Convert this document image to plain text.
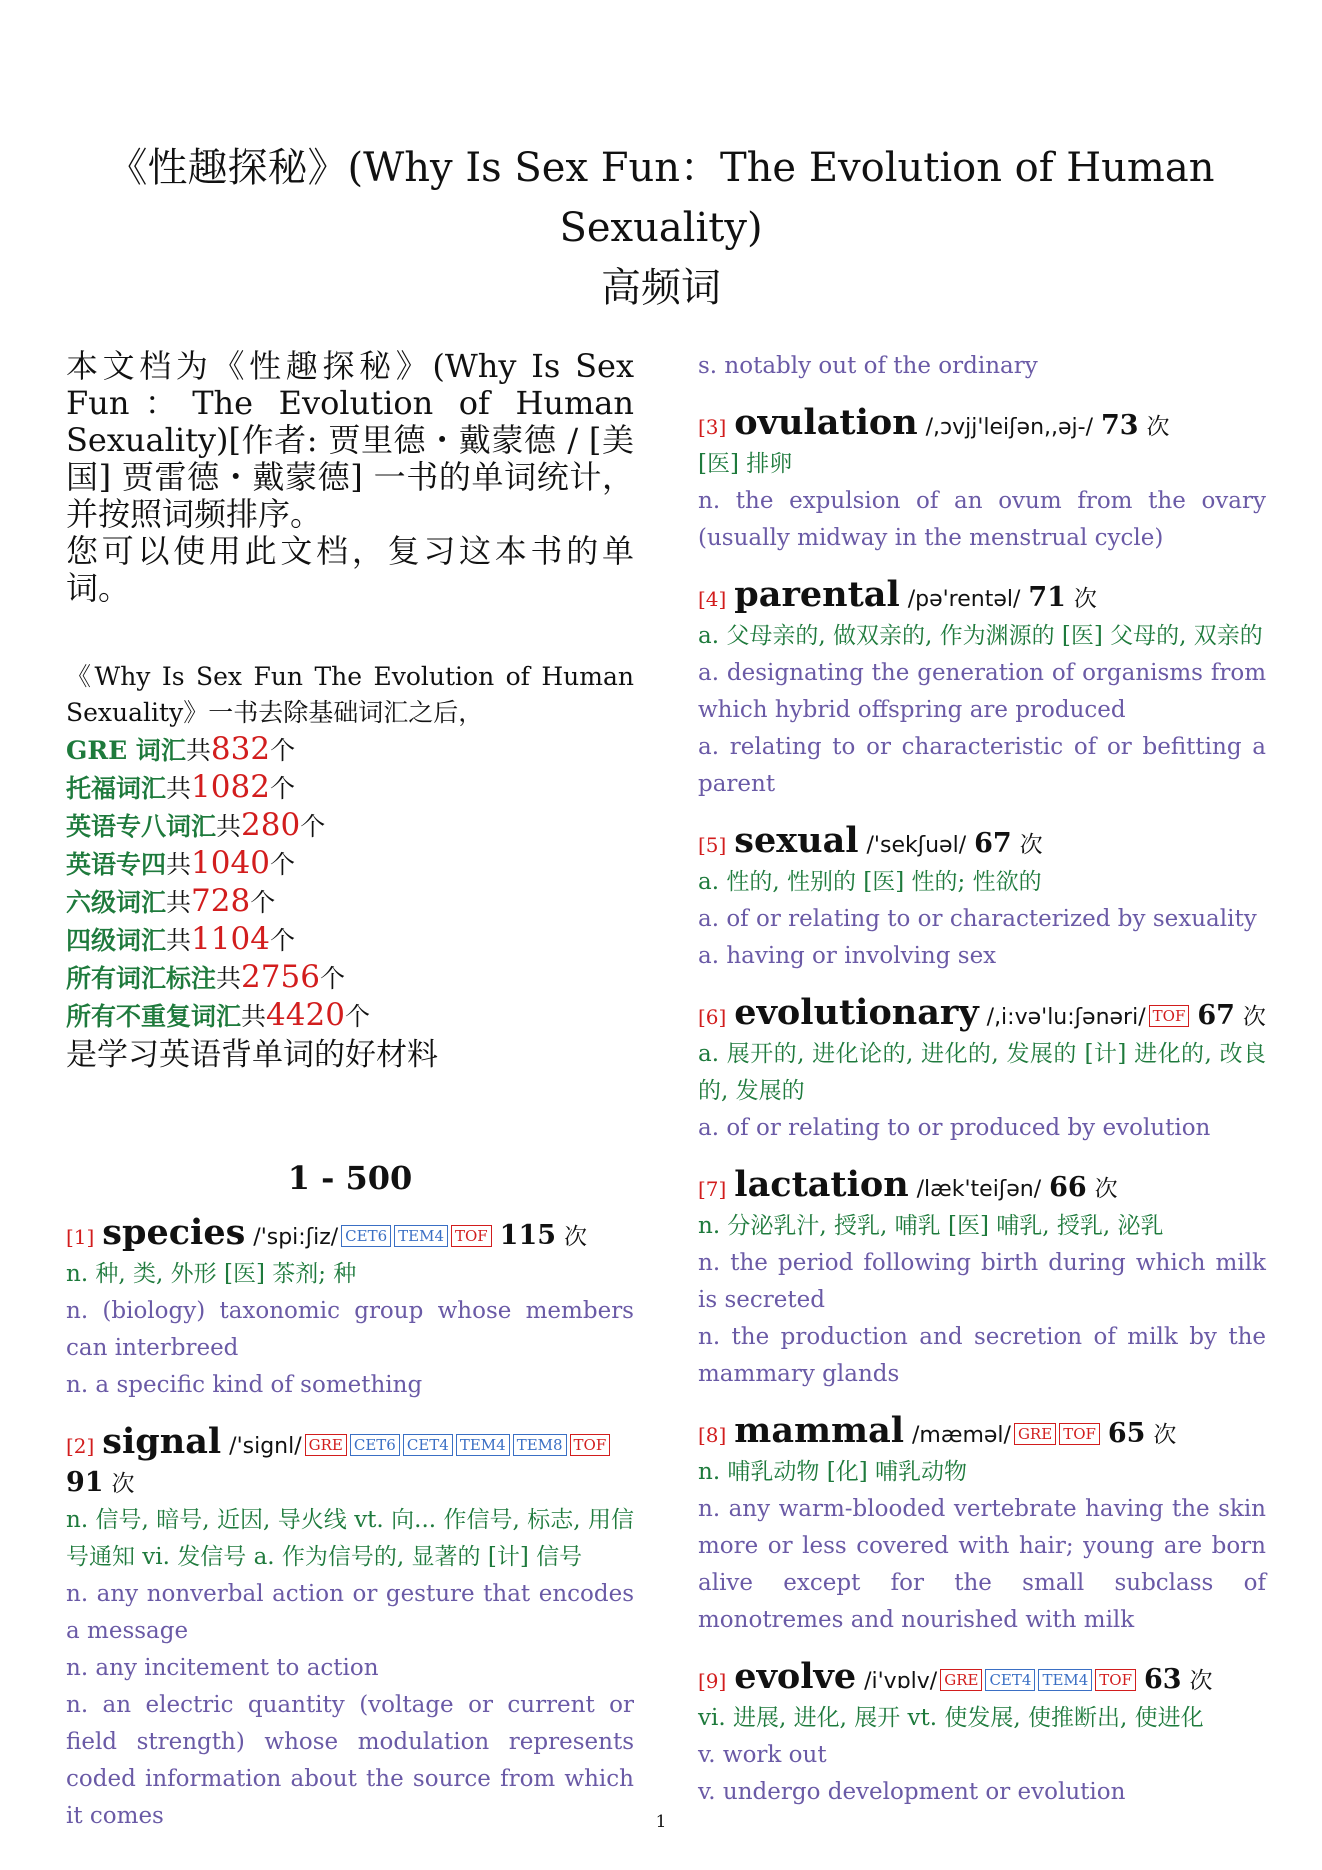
《性趣探秘》(Why Is Sex Fun：The Evolution of Human Sexuality)
高频词

本文档为《性趣探秘》(Why Is Sex Fun：The Evolution of Human Sexuality)[作者: 贾里德・戴蒙德 / [美国] 贾雷德・戴蒙德] 一书的单词统计，并按照词频排序。

您可以使用此文档，复习这本书的单词。

《Why Is Sex Fun The Evolution of Human Sexuality》一书去除基础词汇之后，

GRE 词汇共832个
托福词汇共1082个
英语专八词汇共280个
英语专四共1040个
六级词汇共728个
四级词汇共1104个
所有词汇标注共2756个
所有不重复词汇共4420个
是学习英语背单词的好材料
1 - 500
[1] species /'spi:ʃiz/ CET6 TEM4 TOF 115 次
n. 种, 类, 外形 [医] 茶剂; 种
n. (biology) taxonomic group whose members can interbreed
n. a specific kind of something
[2] signal /'signl/ GRE CET6 CET4 TEM4 TEM8 TOF 91 次
n. 信号, 暗号, 近因, 导火线 vt. 向... 作信号, 标志, 用信号通知 vi. 发信号 a. 作为信号的, 显著的 [计] 信号
n. any nonverbal action or gesture that encodes a message
n. any incitement to action
n. an electric quantity (voltage or current or field strength) whose modulation represents coded information about the source from which it comes
s. notably out of the ordinary
[3] ovulation /,ɔvjj'leiʃən,,əj-/ 73 次
[医] 排卵
n. the expulsion of an ovum from the ovary (usually midway in the menstrual cycle)
[4] parental /pə'rentəl/ 71 次
a. 父母亲的, 做双亲的, 作为渊源的 [医] 父母的, 双亲的
a. designating the generation of organisms from which hybrid offspring are produced
a. relating to or characteristic of or befitting a parent
[5] sexual /'sekʃuəl/ 67 次
a. 性的, 性别的 [医] 性的; 性欲的
a. of or relating to or characterized by sexuality
a. having or involving sex
[6] evolutionary /,i:və'lu:ʃənəri/ TOF 67 次
a. 展开的, 进化论的, 进化的, 发展的 [计] 进化的, 改良的, 发展的
a. of or relating to or produced by evolution
[7] lactation /læk'teiʃən/ 66 次
n. 分泌乳汁, 授乳, 哺乳 [医] 哺乳, 授乳, 泌乳
n. the period following birth during which milk is secreted
n. the production and secretion of milk by the mammary glands
[8] mammal /mæməl/ GRE TOF 65 次
n. 哺乳动物 [化] 哺乳动物
n. any warm-blooded vertebrate having the skin more or less covered with hair; young are born alive except for the small subclass of monotremes and nourished with milk
[9] evolve /i'vɒlv/ GRE CET4 TEM4 TOF 63 次
vi. 进展, 进化, 展开 vt. 使发展, 使推断出, 使进化
v. work out
v. undergo development or evolution
1
